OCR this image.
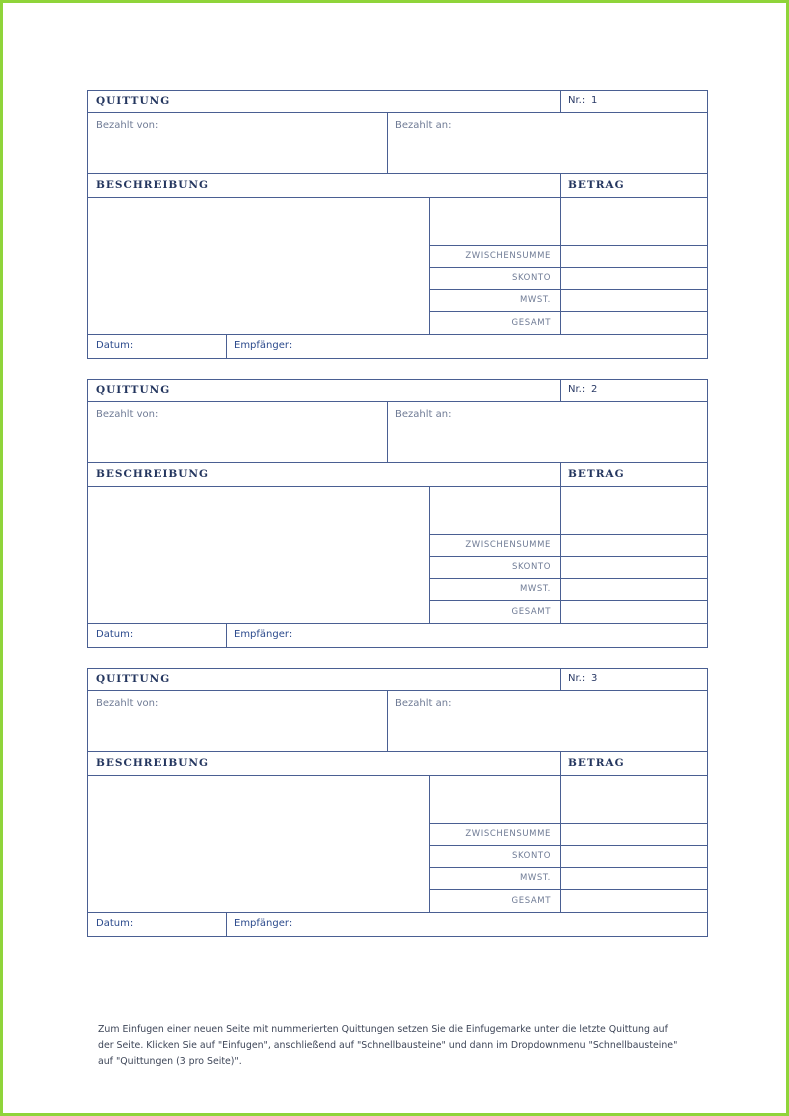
QUITTUNG	Nr.: 1
Bezahlt von:	Bezahlt an:
BESCHREIBUNG	BETRAG
ZWISCHENSUMME
SKONTO
MWST.
GESAMT
Datum:	Empfänger:
QUITTUNG	Nr.: 2
Bezahlt von:	Bezahlt an:
BESCHREIBUNG	BETRAG
ZWISCHENSUMME
SKONTO
MWST.
GESAMT
Datum:	Empfänger:
QUITTUNG	Nr.: 3
Bezahlt von:	Bezahlt an:
BESCHREIBUNG	BETRAG
ZWISCHENSUMME
SKONTO
MWST.
GESAMT
Datum:	Empfänger:
Zum Einfugen einer neuen Seite mit nummerierten Quittungen setzen Sie die Einfugemarke unter die letzte Quittung auf
der Seite. Klicken Sie auf "Einfugen", anschließend auf "Schnellbausteine" und dann im Dropdownmenu "Schnellbausteine"
auf "Quittungen (3 pro Seite)".
